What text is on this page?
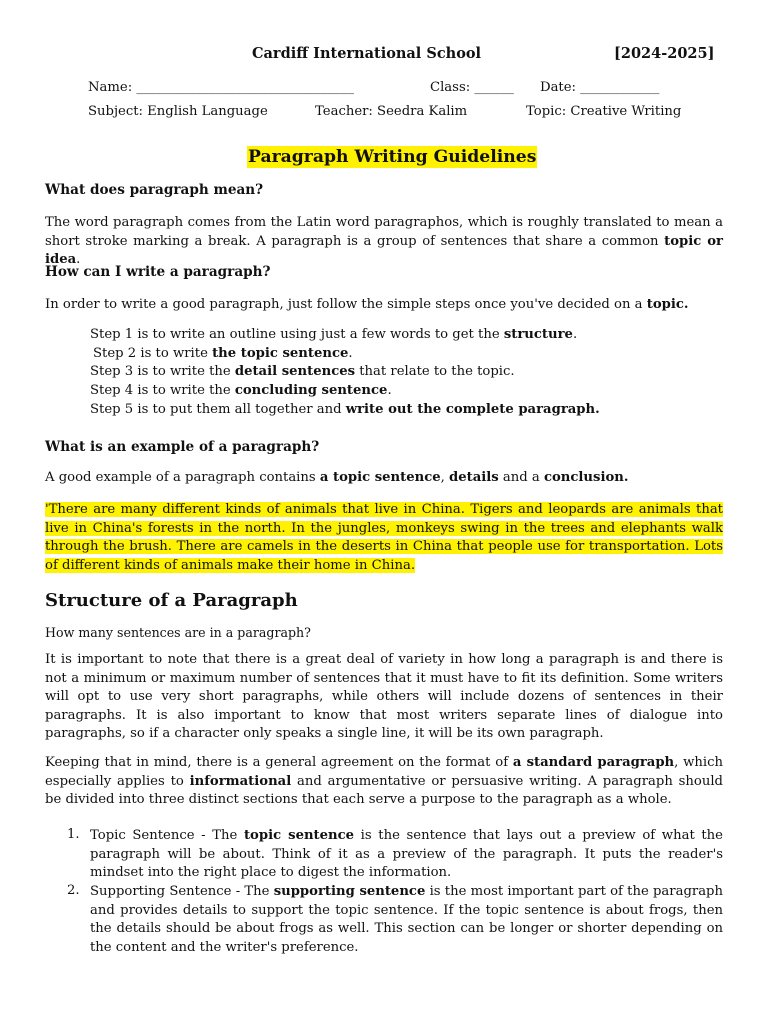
Cardiff International School	[2024-2025]
Name: _________________________________	Class: ______ Date: ____________
Subject: English Language	Teacher: Seedra Kalim	Topic: Creative Writing
Paragraph Writing Guidelines
What does paragraph mean?
The word paragraph comes from the Latin word paragraphos, which is roughly translated to mean a short stroke marking a break. A paragraph is a group of sentences that share a common topic or idea.
How can I write a paragraph?
In order to write a good paragraph, just follow the simple steps once you've decided on a topic.
Step 1 is to write an outline using just a few words to get the structure.
Step 2 is to write the topic sentence.
Step 3 is to write the detail sentences that relate to the topic.
Step 4 is to write the concluding sentence.
Step 5 is to put them all together and write out the complete paragraph.
What is an example of a paragraph?
A good example of a paragraph contains a topic sentence, details and a conclusion.
'There are many different kinds of animals that live in China. Tigers and leopards are animals that live in China's forests in the north. In the jungles, monkeys swing in the trees and elephants walk through the brush. There are camels in the deserts in China that people use for transportation. Lots of different kinds of animals make their home in China.
Structure of a Paragraph
How many sentences are in a paragraph?
It is important to note that there is a great deal of variety in how long a paragraph is and there is not a minimum or maximum number of sentences that it must have to fit its definition. Some writers will opt to use very short paragraphs, while others will include dozens of sentences in their paragraphs. It is also important to know that most writers separate lines of dialogue into paragraphs, so if a character only speaks a single line, it will be its own paragraph.
Keeping that in mind, there is a general agreement on the format of a standard paragraph, which especially applies to informational and argumentative or persuasive writing. A paragraph should be divided into three distinct sections that each serve a purpose to the paragraph as a whole.
1. Topic Sentence - The topic sentence is the sentence that lays out a preview of what the paragraph will be about. Think of it as a preview of the paragraph. It puts the reader's mindset into the right place to digest the information.
2. Supporting Sentence - The supporting sentence is the most important part of the paragraph and provides details to support the topic sentence. If the topic sentence is about frogs, then the details should be about frogs as well. This section can be longer or shorter depending on the content and the writer's preference.
